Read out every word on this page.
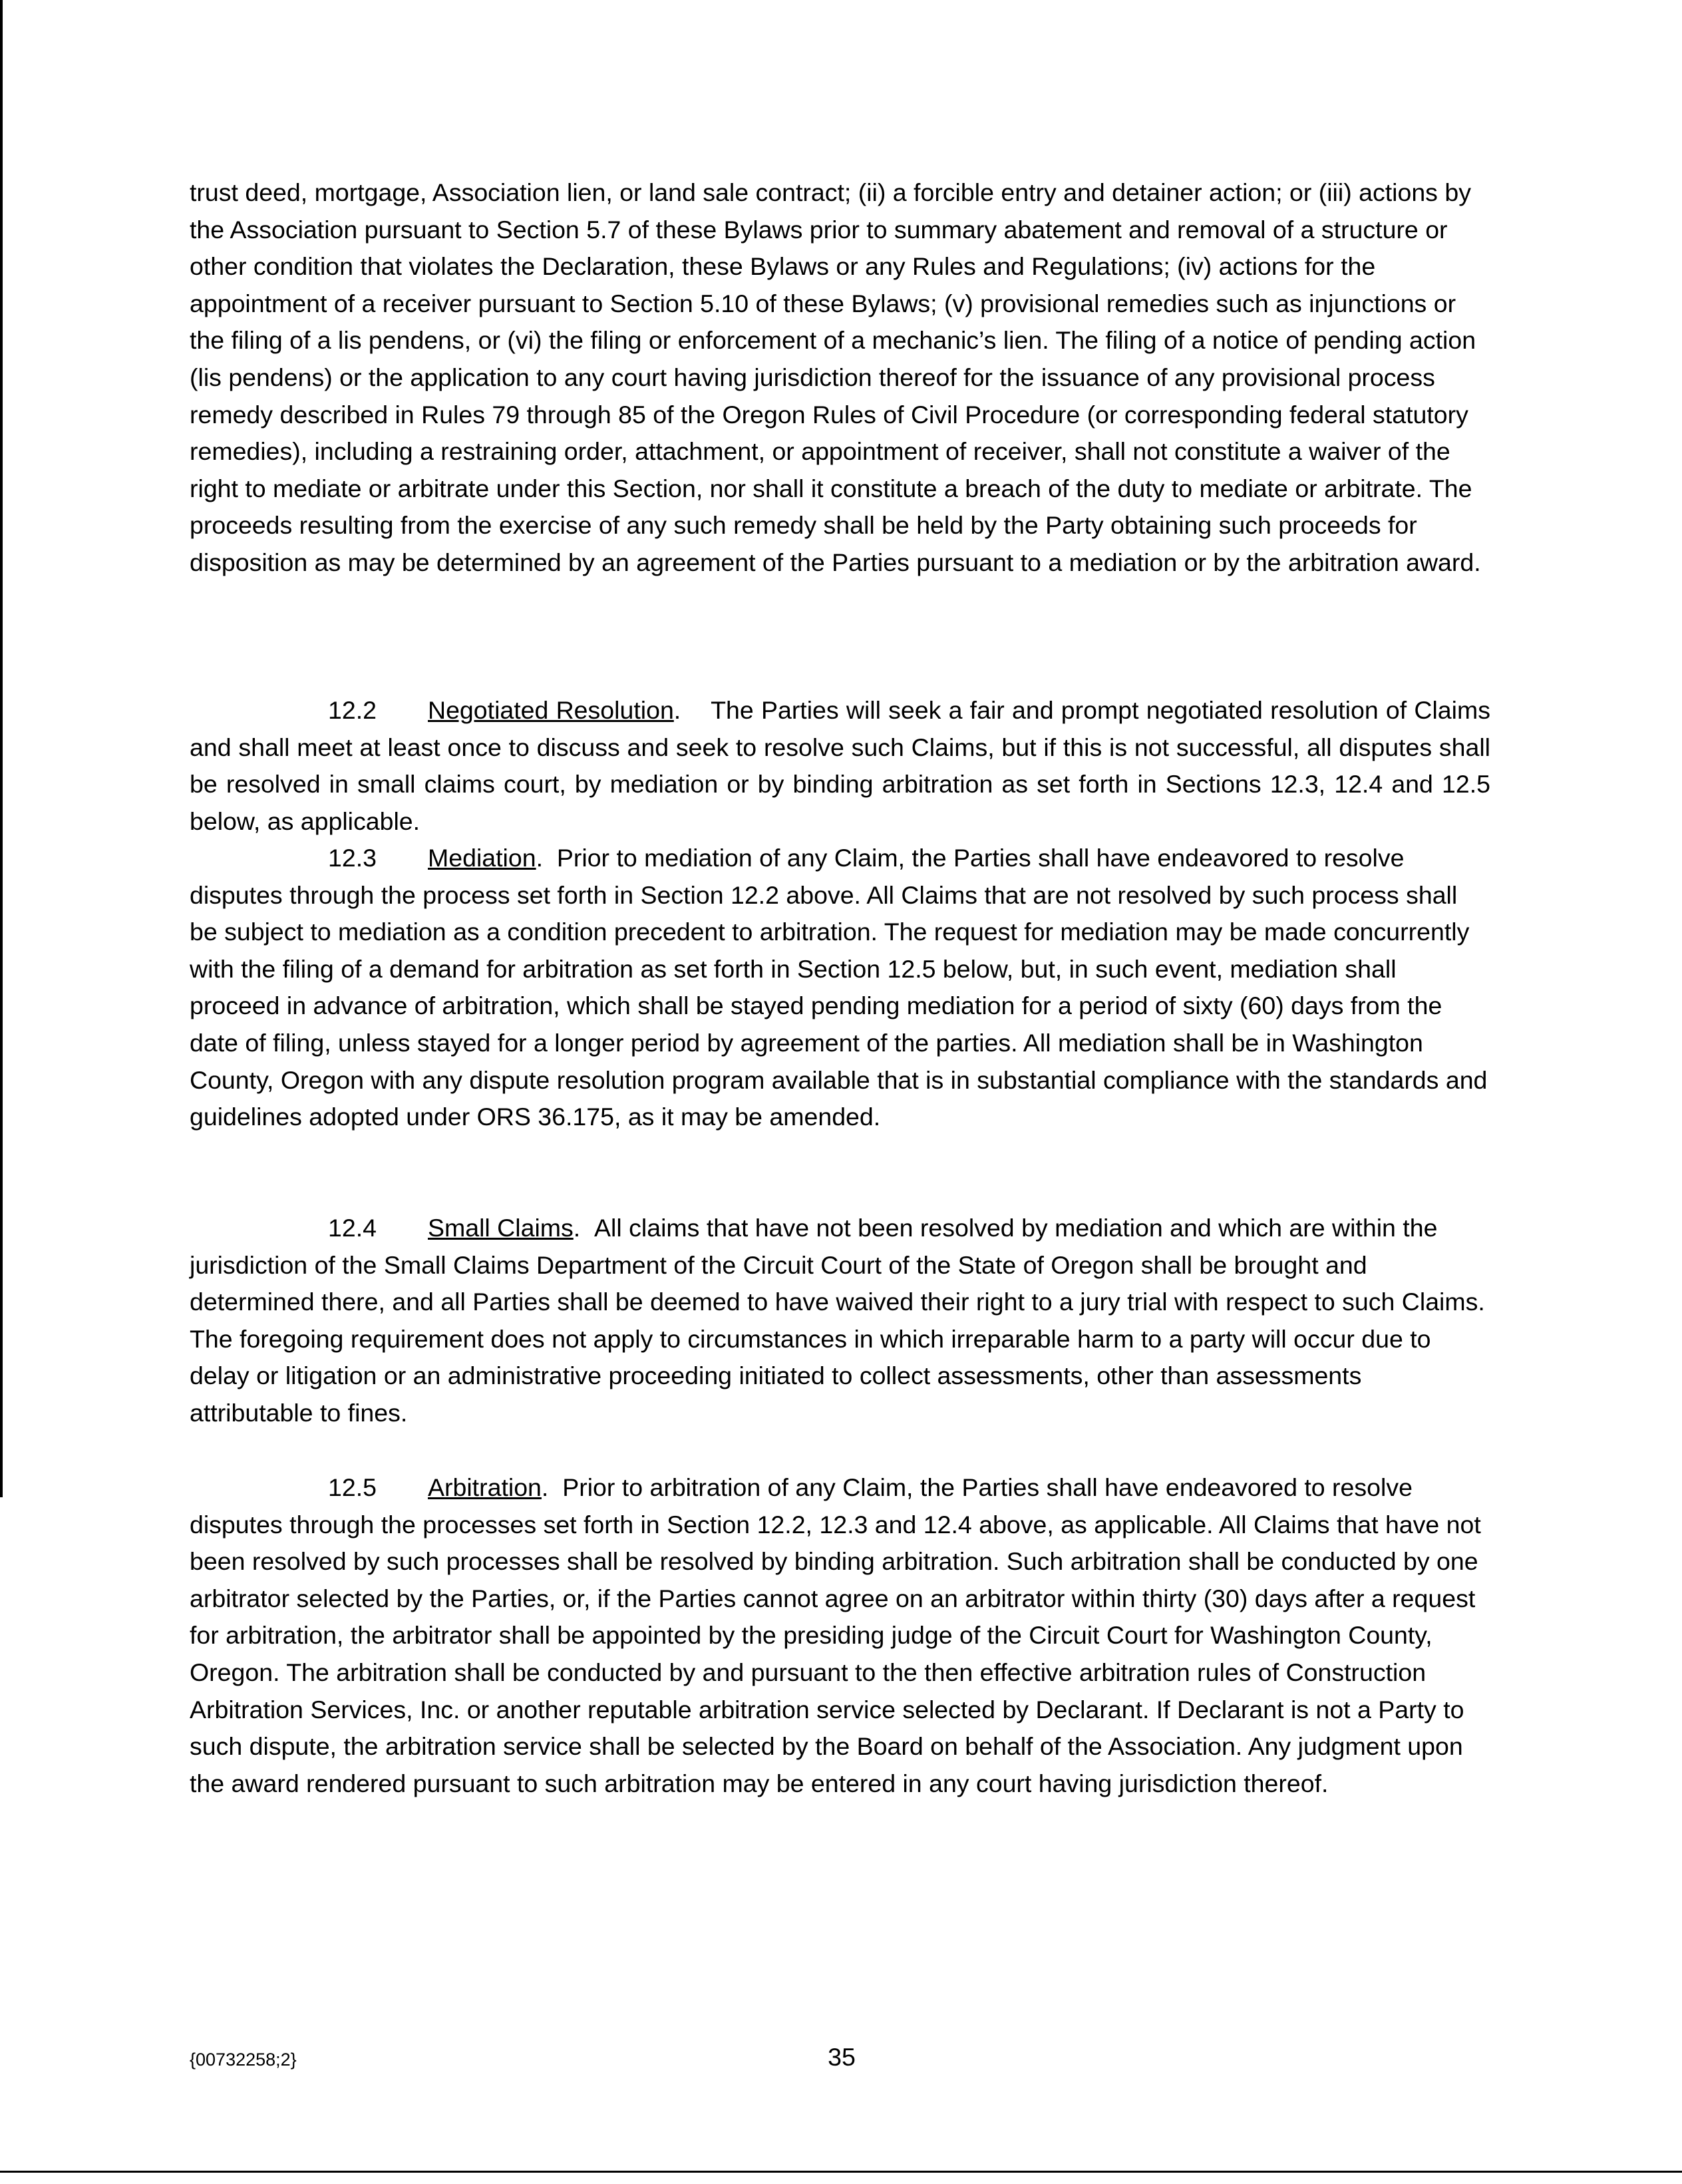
trust deed, mortgage, Association lien, or land sale contract; (ii) a forcible entry and detainer action; or (iii) actions by the Association pursuant to Section 5.7 of these Bylaws prior to summary abatement and removal of a structure or other condition that violates the Declaration, these Bylaws or any Rules and Regulations; (iv) actions for the appointment of a receiver pursuant to Section 5.10 of these Bylaws; (v) provisional remedies such as injunctions or the filing of a lis pendens, or (vi) the filing or enforcement of a mechanic’s lien. The filing of a notice of pending action (lis pendens) or the application to any court having jurisdiction thereof for the issuance of any provisional process remedy described in Rules 79 through 85 of the Oregon Rules of Civil Procedure (or corresponding federal statutory remedies), including a restraining order, attachment, or appointment of receiver, shall not constitute a waiver of the right to mediate or arbitrate under this Section, nor shall it constitute a breach of the duty to mediate or arbitrate. The proceeds resulting from the exercise of any such remedy shall be held by the Party obtaining such proceeds for disposition as may be determined by an agreement of the Parties pursuant to a mediation or by the arbitration award.

12.2 Negotiated Resolution. The Parties will seek a fair and prompt negotiated resolution of Claims and shall meet at least once to discuss and seek to resolve such Claims, but if this is not successful, all disputes shall be resolved in small claims court, by mediation or by binding arbitration as set forth in Sections 12.3, 12.4 and 12.5 below, as applicable.

12.3 Mediation. Prior to mediation of any Claim, the Parties shall have endeavored to resolve disputes through the process set forth in Section 12.2 above. All Claims that are not resolved by such process shall be subject to mediation as a condition precedent to arbitration. The request for mediation may be made concurrently with the filing of a demand for arbitration as set forth in Section 12.5 below, but, in such event, mediation shall proceed in advance of arbitration, which shall be stayed pending mediation for a period of sixty (60) days from the date of filing, unless stayed for a longer period by agreement of the parties. All mediation shall be in Washington County, Oregon with any dispute resolution program available that is in substantial compliance with the standards and guidelines adopted under ORS 36.175, as it may be amended.

12.4 Small Claims. All claims that have not been resolved by mediation and which are within the jurisdiction of the Small Claims Department of the Circuit Court of the State of Oregon shall be brought and determined there, and all Parties shall be deemed to have waived their right to a jury trial with respect to such Claims. The foregoing requirement does not apply to circumstances in which irreparable harm to a party will occur due to delay or litigation or an administrative proceeding initiated to collect assessments, other than assessments attributable to fines.

12.5 Arbitration. Prior to arbitration of any Claim, the Parties shall have endeavored to resolve disputes through the processes set forth in Section 12.2, 12.3 and 12.4 above, as applicable. All Claims that have not been resolved by such processes shall be resolved by binding arbitration. Such arbitration shall be conducted by one arbitrator selected by the Parties, or, if the Parties cannot agree on an arbitrator within thirty (30) days after a request for arbitration, the arbitrator shall be appointed by the presiding judge of the Circuit Court for Washington County, Oregon. The arbitration shall be conducted by and pursuant to the then effective arbitration rules of Construction Arbitration Services, Inc. or another reputable arbitration service selected by Declarant. If Declarant is not a Party to such dispute, the arbitration service shall be selected by the Board on behalf of the Association. Any judgment upon the award rendered pursuant to such arbitration may be entered in any court having jurisdiction thereof.

{00732258;2}	35
